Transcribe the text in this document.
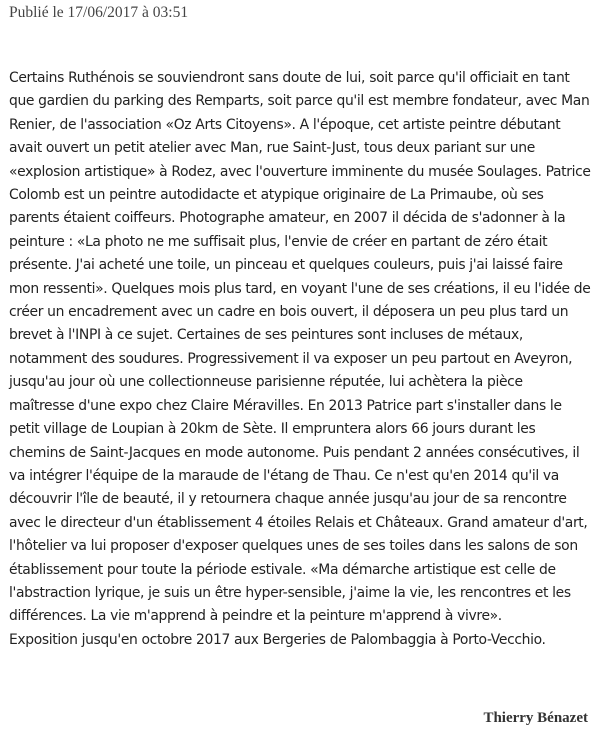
Publié le 17/06/2017 à 03:51

Certains Ruthénois se souviendront sans doute de lui, soit parce qu'il officiait en tant que gardien du parking des Remparts, soit parce qu'il est membre fondateur, avec Man Renier, de l'association «Oz Arts Citoyens». A l'époque, cet artiste peintre débutant avait ouvert un petit atelier avec Man, rue Saint-Just, tous deux pariant sur une «explosion artistique» à Rodez, avec l'ouverture imminente du musée Soulages. Patrice Colomb est un peintre autodidacte et atypique originaire de La Primaube, où ses parents étaient coiffeurs. Photographe amateur, en 2007 il décida de s'adonner à la peinture : «La photo ne me suffisait plus, l'envie de créer en partant de zéro était présente. J'ai acheté une toile, un pinceau et quelques couleurs, puis j'ai laissé faire mon ressenti». Quelques mois plus tard, en voyant l'une de ses créations, il eu l'idée de créer un encadrement avec un cadre en bois ouvert, il déposera un peu plus tard un brevet à l'INPI à ce sujet. Certaines de ses peintures sont incluses de métaux, notamment des soudures. Progressivement il va exposer un peu partout en Aveyron, jusqu'au jour où une collectionneuse parisienne réputée, lui achètera la pièce maîtresse d'une expo chez Claire Méravilles. En 2013 Patrice part s'installer dans le petit village de Loupian à 20km de Sète. Il empruntera alors 66 jours durant les chemins de Saint-Jacques en mode autonome. Puis pendant 2 années consécutives, il va intégrer l'équipe de la maraude de l'étang de Thau. Ce n'est qu'en 2014 qu'il va découvrir l'île de beauté, il y retournera chaque année jusqu'au jour de sa rencontre avec le directeur d'un établissement 4 étoiles Relais et Châteaux. Grand amateur d'art, l'hôtelier va lui proposer d'exposer quelques unes de ses toiles dans les salons de son établissement pour toute la période estivale. «Ma démarche artistique est celle de l'abstraction lyrique, je suis un être hyper-sensible, j'aime la vie, les rencontres et les différences. La vie m'apprend à peindre et la peinture m'apprend à vivre».

Exposition jusqu'en octobre 2017 aux Bergeries de Palombaggia à Porto-Vecchio.

Thierry Bénazet
